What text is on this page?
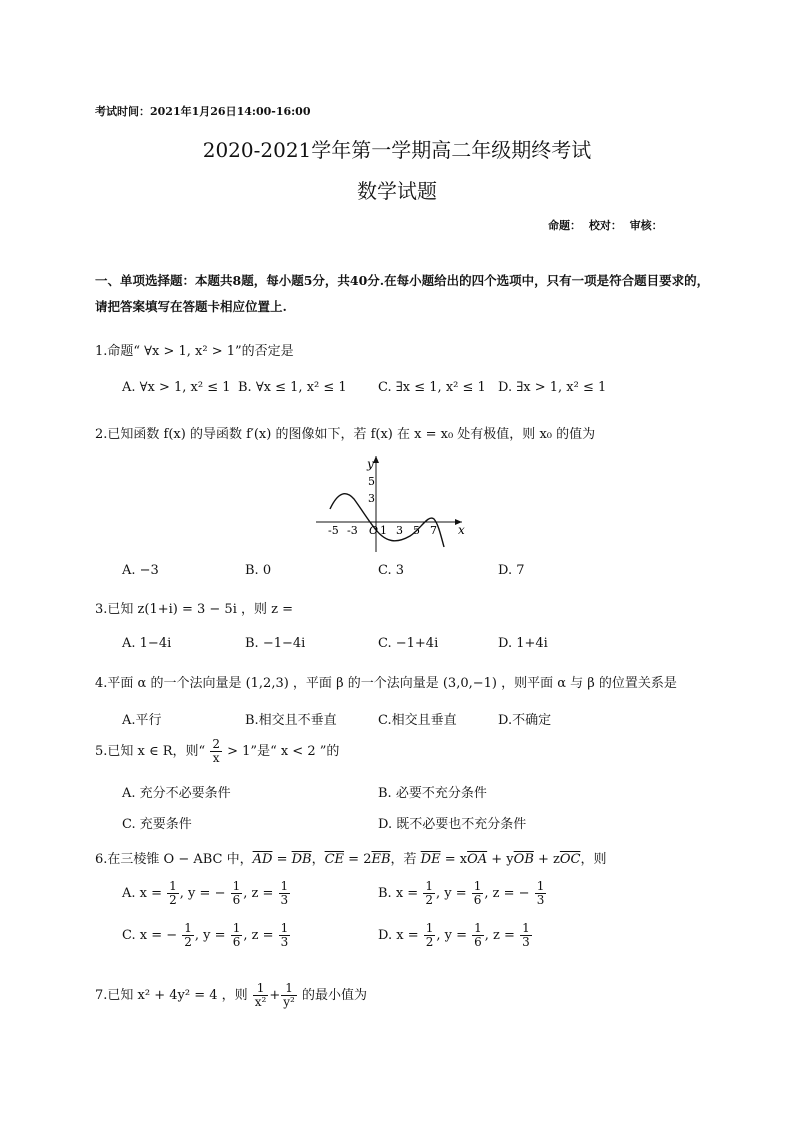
考试时间：2021年1月26日14:00-16:00
2020-2021学年第一学期高二年级期终考试
数学试题
命题： 校对： 审核：
一、单项选择题：本题共8题，每小题5分，共40分.在每小题给出的四个选项中，只有一项是符合题目要求的，请把答案填写在答题卡相应位置上.
1.命题“ ∀x > 1, x² > 1”的否定是
A. ∀x > 1, x² ≤ 1 B. ∀x ≤ 1, x² ≤ 1 C. ∃x ≤ 1, x² ≤ 1 D. ∃x > 1, x² ≤ 1
2.已知函数 f(x) 的导函数 f′(x) 的图像如下，若 f(x) 在 x = x₀ 处有极值，则 x₀ 的值为
y
x
5
3
O
-5 -3 1 3 5 7
A. −3	B. 0	C. 3	D. 7
3.已知 z(1+i) = 3 − 5i ，则 z =
A. 1−4i	B. −1−4i	C. −1+4i	D. 1+4i
4.平面 α 的一个法向量是 (1,2,3) ，平面 β 的一个法向量是 (3,0,−1) ，则平面 α 与 β 的位置关系是
A.平行	B.相交且不垂直	C.相交且垂直	D.不确定
5.已知 x ∈ R，则“ $\frac{2}{x} > 1$”是“ x < 2 ”的
A. 充分不必要条件	B. 必要不充分条件
C. 充要条件	D. 既不必要也不充分条件
6.在三棱锥 O − ABC 中，$\overline{AD} = \overline{DB}$，$\overline{CE} = 2\overline{EB}$，若 $\overline{DE} = x\overline{OA} + y\overline{OB} + z\overline{OC}$，则
A. $x = \frac{1}{2}$ , y = − $\frac{1}{6}$ , $z = \frac{1}{3}$	B. $x = \frac{1}{2}$ , $y = \frac{1}{6}$ , z = − $\frac{1}{3}$
C. x = − $\frac{1}{2}$ , $y = \frac{1}{6}$ , $z = \frac{1}{3}$	D. $x = \frac{1}{2}$ , $y = \frac{1}{6}$ , $z = \frac{1}{3}$
7.已知 x² + 4y² = 4 ，则 $\frac{1}{\text{x²}} + \frac{1}{\text{y²}}$ 的最小值为
